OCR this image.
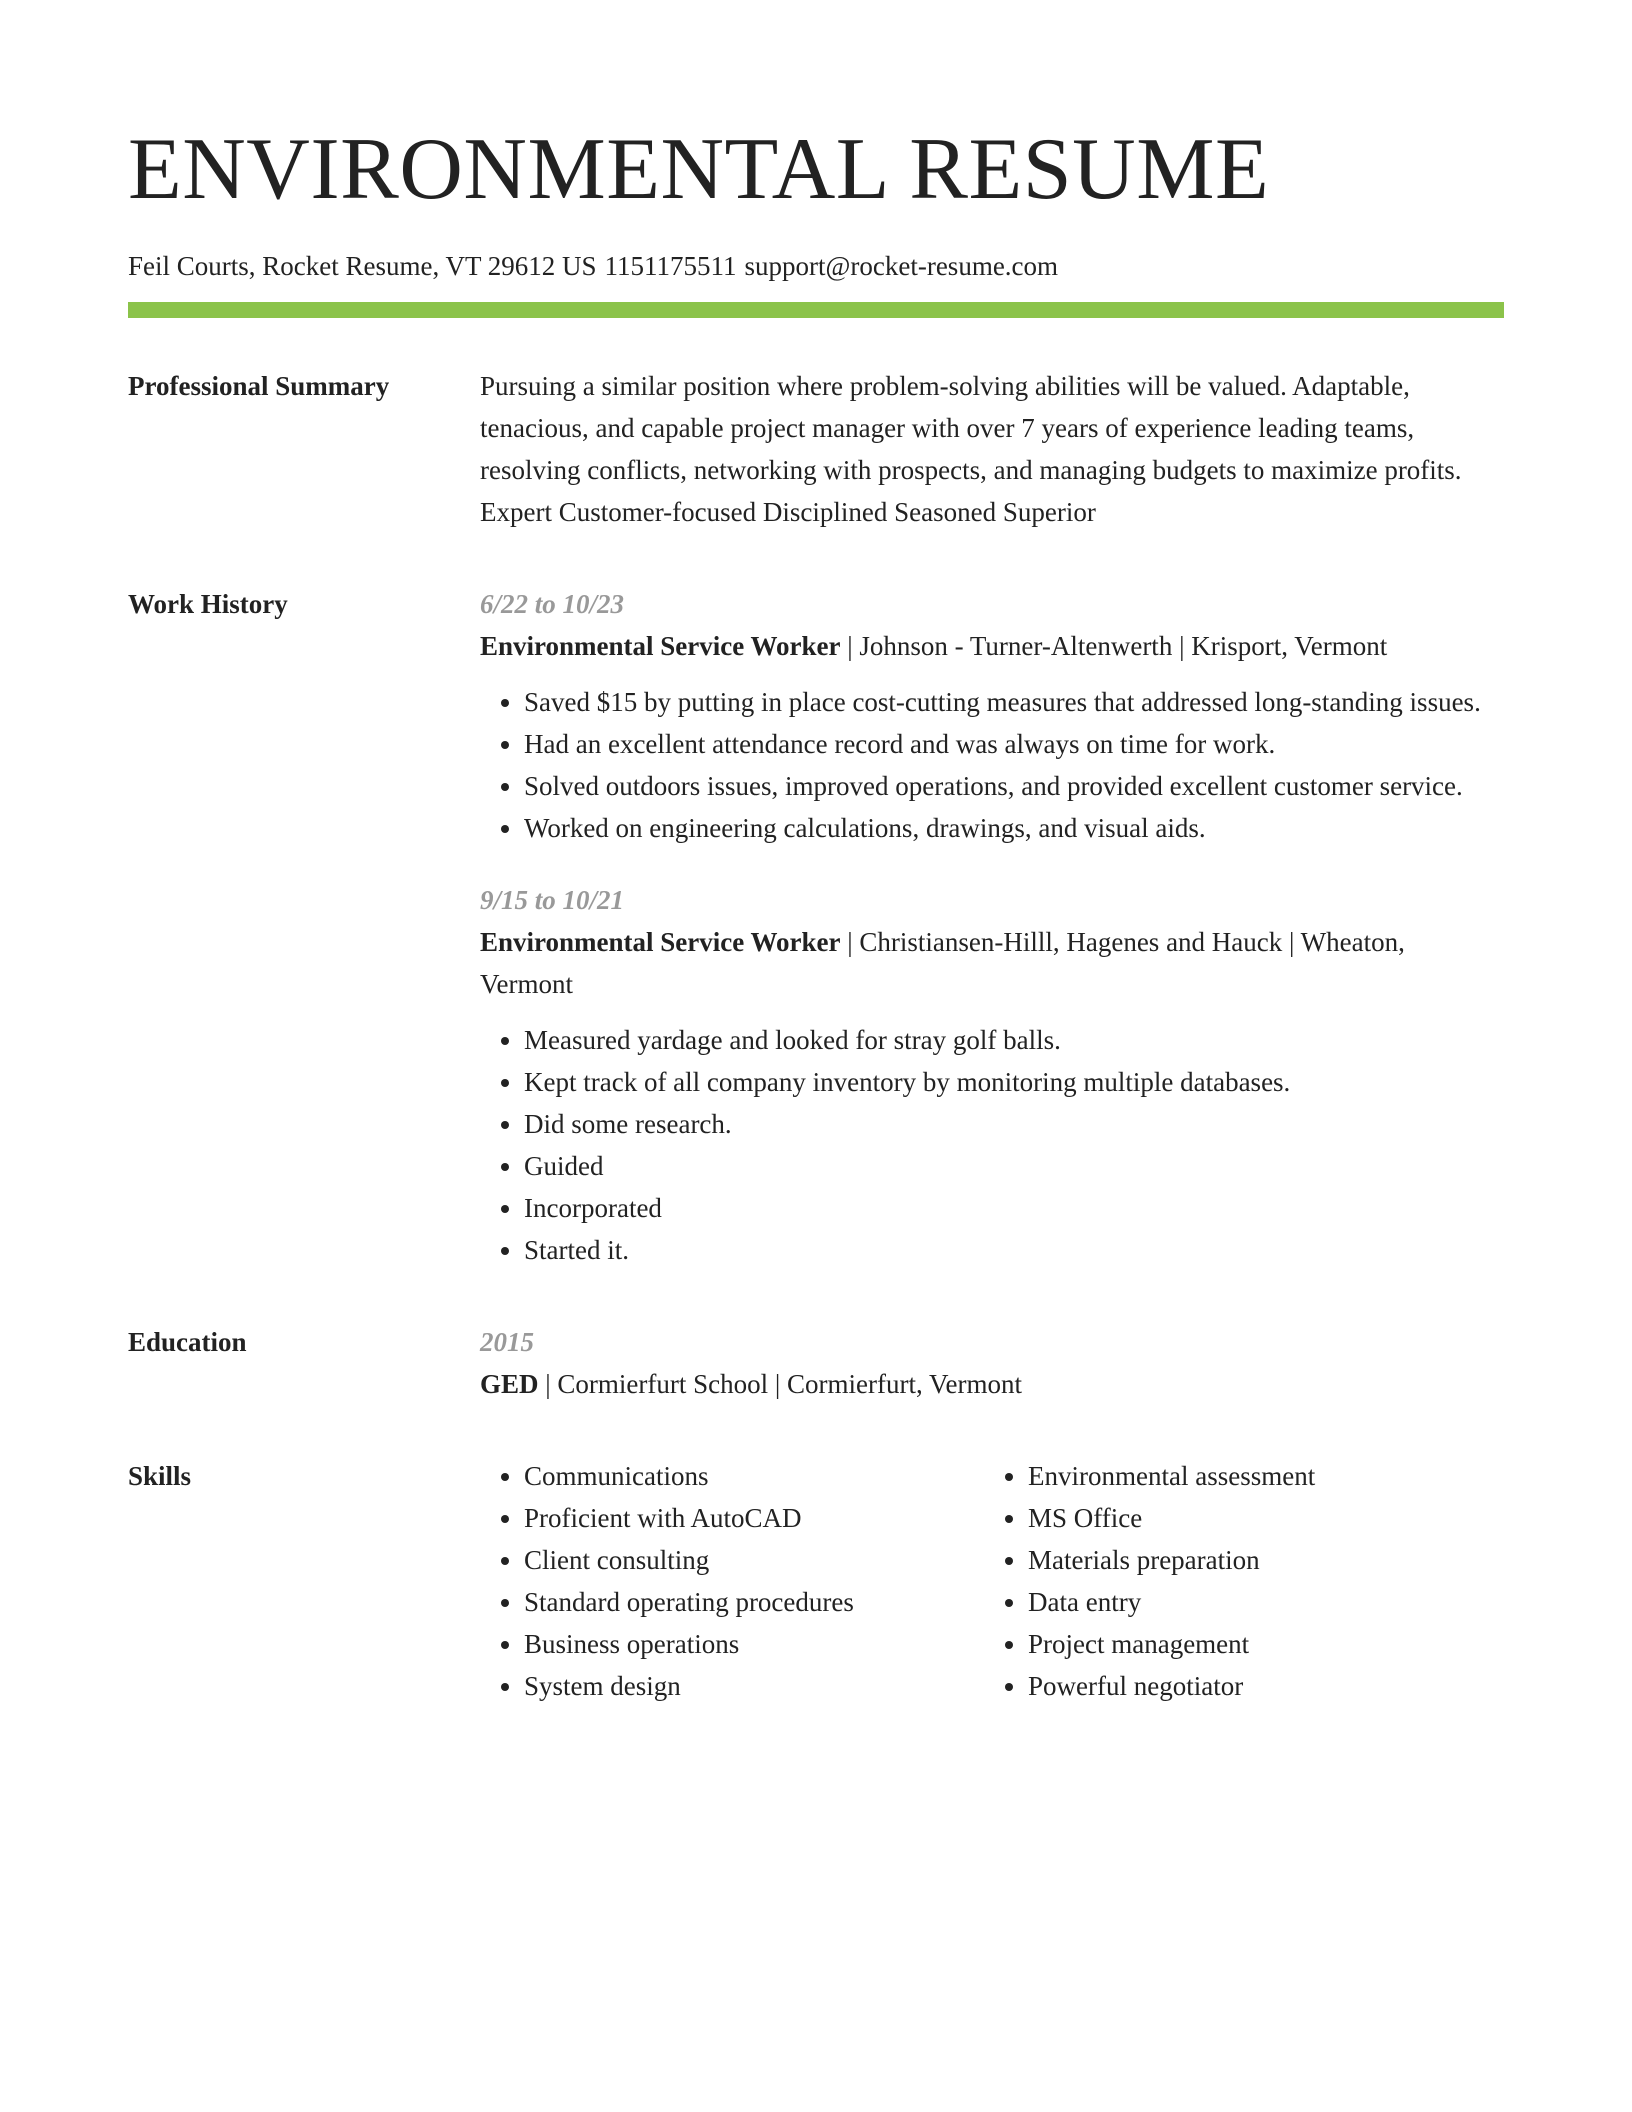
ENVIRONMENTAL RESUME
Feil Courts, Rocket Resume, VT 29612 US 1151175511 support@rocket-resume.com
Professional Summary	Pursuing a similar position where problem-solving abilities will be valued. Adaptable, tenacious, and capable project manager with over 7 years of experience leading teams, resolving conflicts, networking with prospects, and managing budgets to maximize profits. Expert Customer-focused Disciplined Seasoned Superior
Work History	6/22 to 10/23
Environmental Service Worker | Johnson - Turner-Altenwerth | Krisport, Vermont
• Saved $15 by putting in place cost-cutting measures that addressed long-standing issues.
• Had an excellent attendance record and was always on time for work.
• Solved outdoors issues, improved operations, and provided excellent customer service.
• Worked on engineering calculations, drawings, and visual aids.
9/15 to 10/21
Environmental Service Worker | Christiansen-Hilll, Hagenes and Hauck | Wheaton, Vermont
• Measured yardage and looked for stray golf balls.
• Kept track of all company inventory by monitoring multiple databases.
• Did some research.
• Guided
• Incorporated
• Started it.
Education	2015
GED | Cormierfurt School | Cormierfurt, Vermont
Skills
•	Communications
• Proficient with AutoCAD
• Client consulting
• Standard operating procedures
• Business operations
• System design
• Environmental assessment
• MS Office
• Materials preparation
• Data entry
• Project management
• Powerful negotiator
